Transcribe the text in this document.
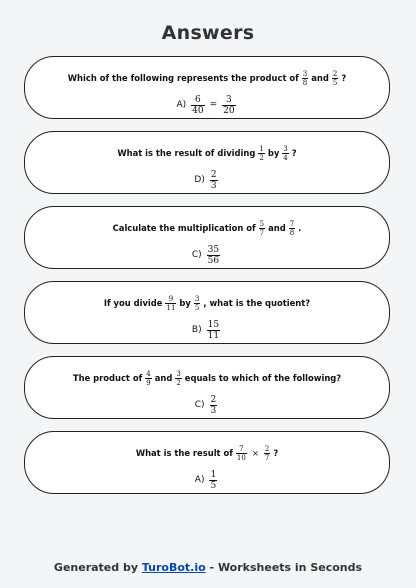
Answers
Which of the following represents the product of $\frac{3}{8}$ and $\frac{2}{5}$ ?
$A) \frac{6}{40} = \frac{3}{20}$
What is the result of dividing $\frac{1}{2}$ by $\frac{3}{4}$ ?
$D) \frac{2}{3}$
Calculate the multiplication of $\frac{5}{7}$ and $\frac{7}{8}$ .
$C) \frac{35}{56}$
If you divide $\frac{9}{11}$ by $\frac{3}{5}$ , what is the quotient?
$B) \frac{15}{11}$
The product of $\frac{4}{9}$ and $\frac{3}{2}$ equals to which of the following?
$C) \frac{2}{3}$
What is the result of $\frac{7}{10} \times \frac{2}{7}$ ?
$A) \frac{1}{5}$
Generated by TuroBot.io - Worksheets in Seconds
